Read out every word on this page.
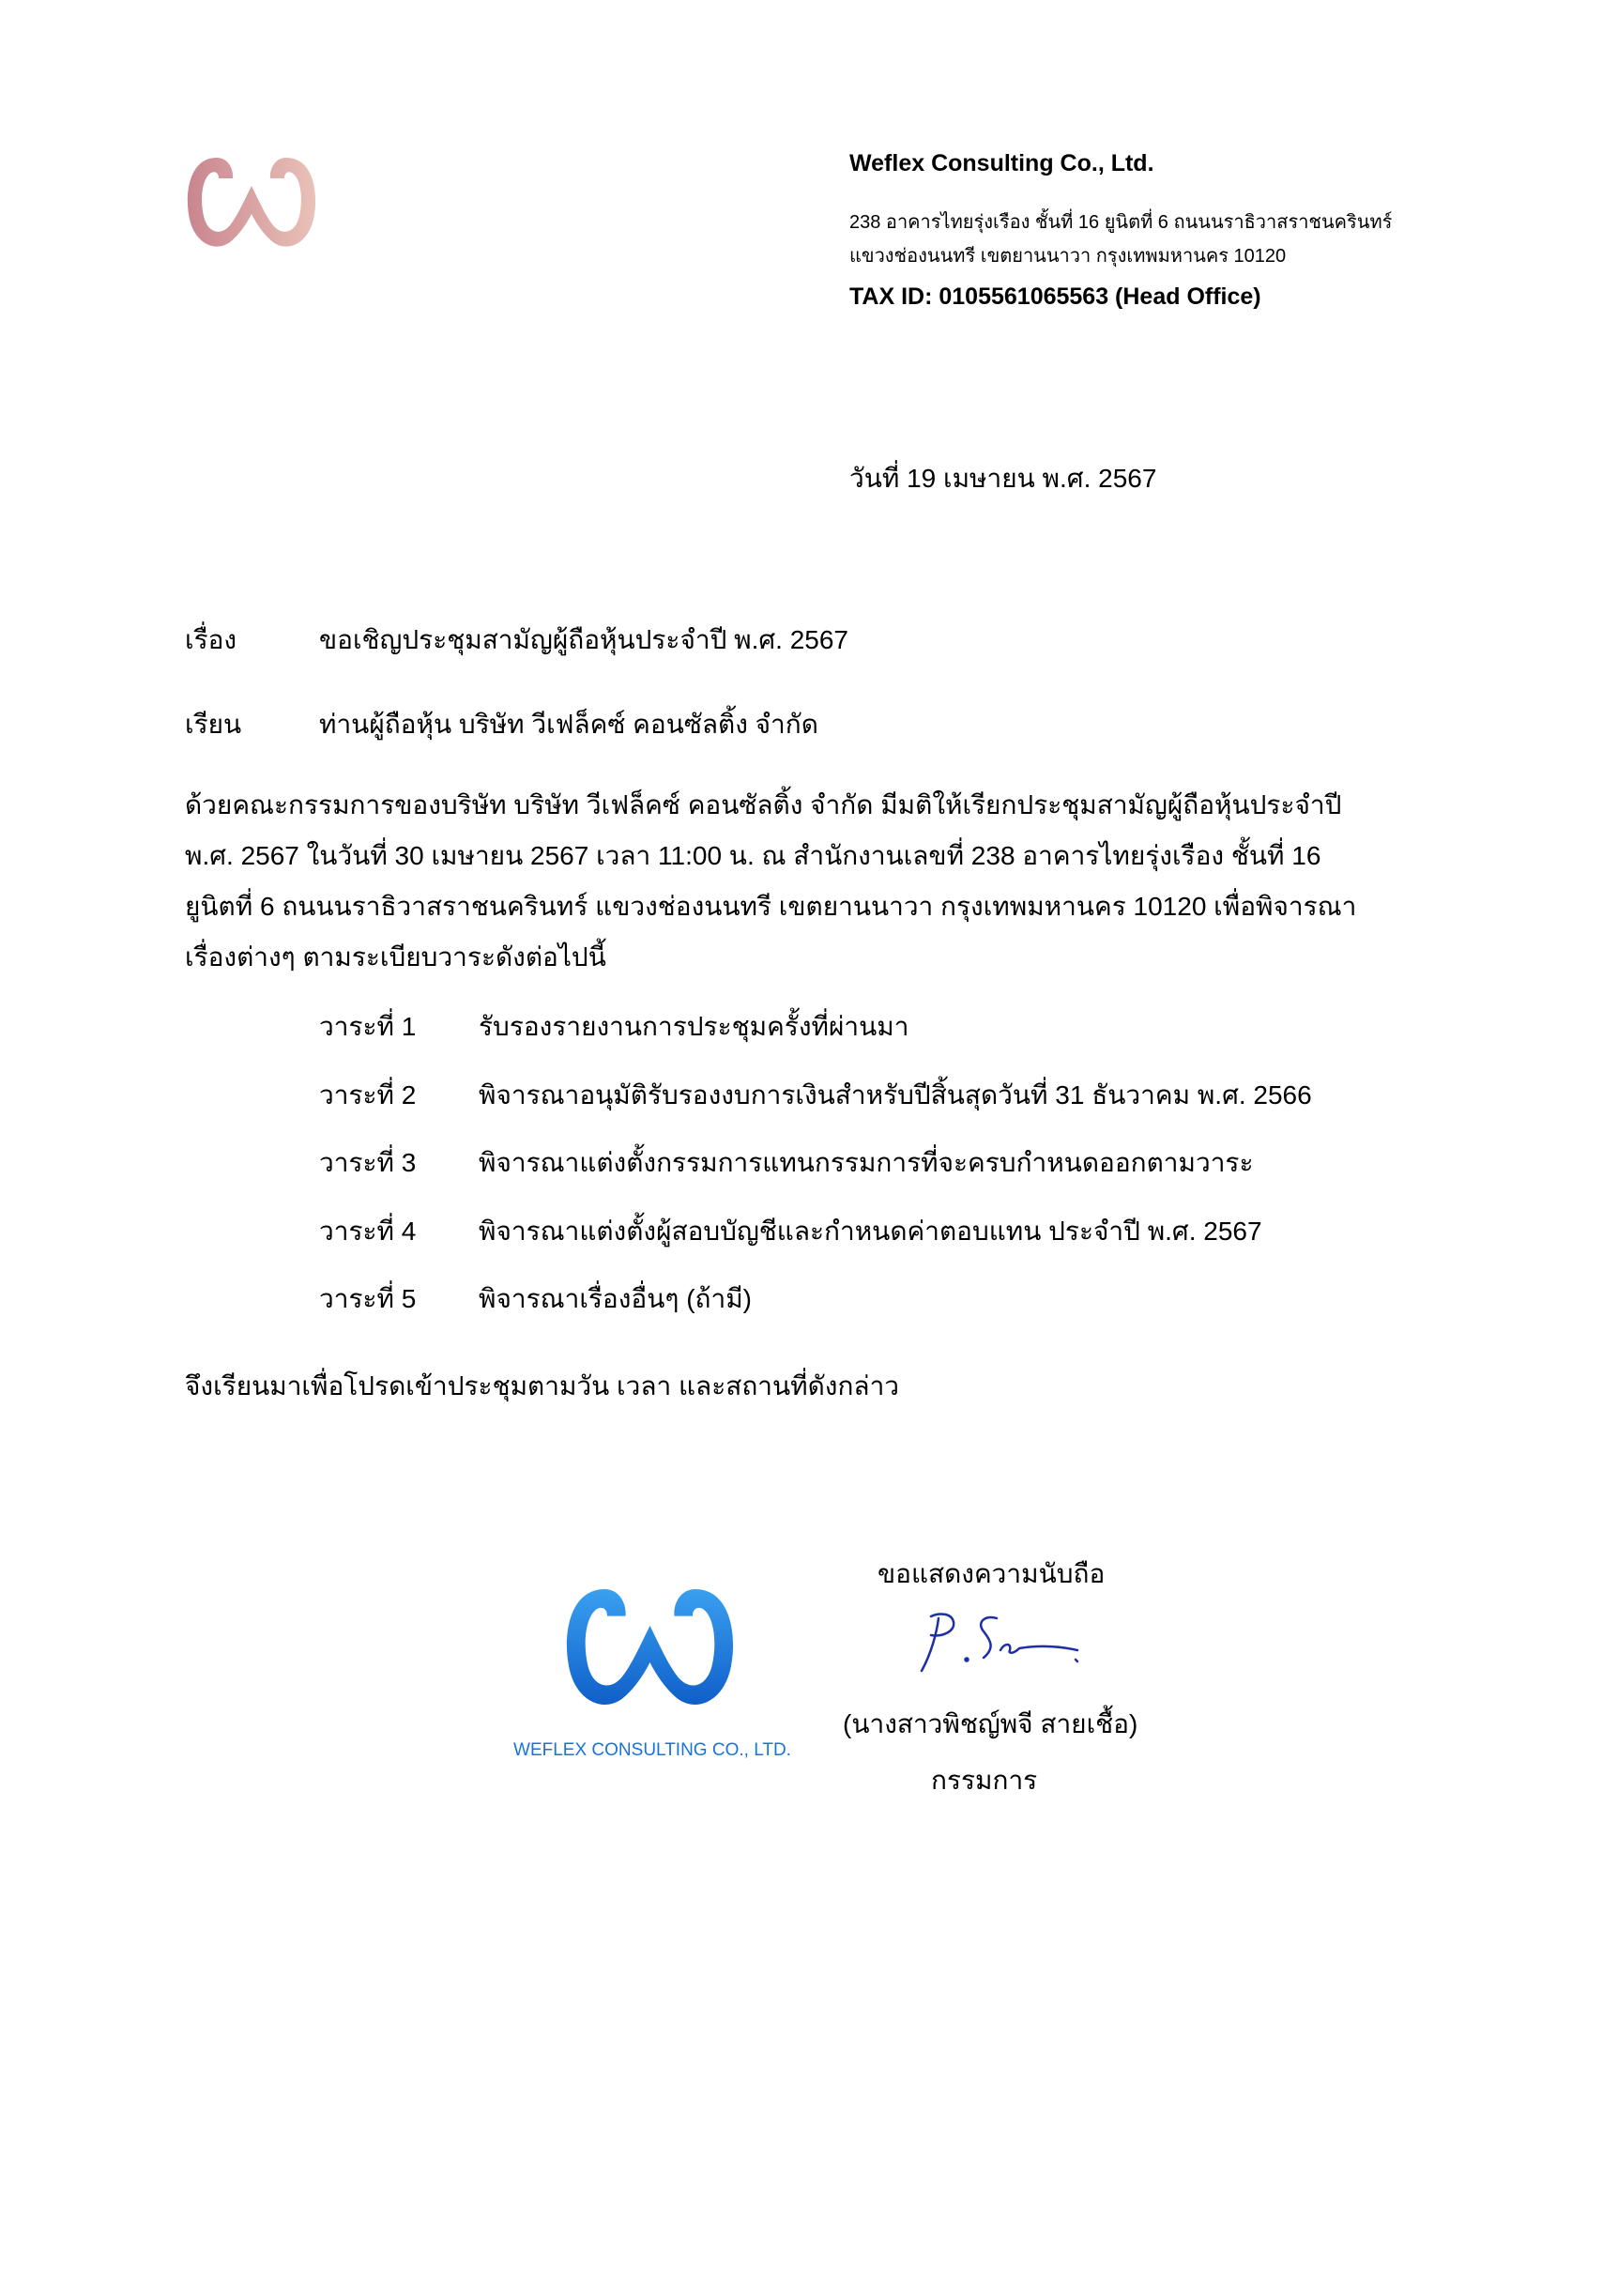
Weflex Consulting Co., Ltd.
238 อาคารไทยรุ่งเรือง ชั้นที่ 16 ยูนิตที่ 6 ถนนนราธิวาสราชนครินทร์
แขวงช่องนนทรี เขตยานนาวา กรุงเทพมหานคร 10120
TAX ID: 0105561065563 (Head Office)
วันที่ 19 เมษายน พ.ศ. 2567
เรื่อง	ขอเชิญประชุมสามัญผู้ถือหุ้นประจำปี พ.ศ. 2567
เรียน	ท่านผู้ถือหุ้น บริษัท วีเฟล็คซ์ คอนซัลติ้ง จำกัด
ด้วยคณะกรรมการของบริษัท บริษัท วีเฟล็คซ์ คอนซัลติ้ง จำกัด มีมติให้เรียกประชุมสามัญผู้ถือหุ้นประจำปี
พ.ศ. 2567 ในวันที่ 30 เมษายน 2567 เวลา 11:00 น. ณ สำนักงานเลขที่ 238 อาคารไทยรุ่งเรือง ชั้นที่ 16
ยูนิตที่ 6 ถนนนราธิวาสราชนครินทร์ แขวงช่องนนทรี เขตยานนาวา กรุงเทพมหานคร 10120 เพื่อพิจารณา
เรื่องต่างๆ ตามระเบียบวาระดังต่อไปนี้
วาระที่ 1 รับรองรายงานการประชุมครั้งที่ผ่านมา
วาระที่ 2 พิจารณาอนุมัติรับรองงบการเงินสำหรับปีสิ้นสุดวันที่ 31 ธันวาคม พ.ศ. 2566
วาระที่ 3 พิจารณาแต่งตั้งกรรมการแทนกรรมการที่จะครบกำหนดออกตามวาระ
วาระที่ 4 พิจารณาแต่งตั้งผู้สอบบัญชีและกำหนดค่าตอบแทน ประจำปี พ.ศ. 2567
วาระที่ 5 พิจารณาเรื่องอื่นๆ (ถ้ามี)
จึงเรียนมาเพื่อโปรดเข้าประชุมตามวัน เวลา และสถานที่ดังกล่าว
WEFLEX CONSULTING CO., LTD.
ขอแสดงความนับถือ
(นางสาวพิชญ์พจี สายเชื้อ)
กรรมการ
